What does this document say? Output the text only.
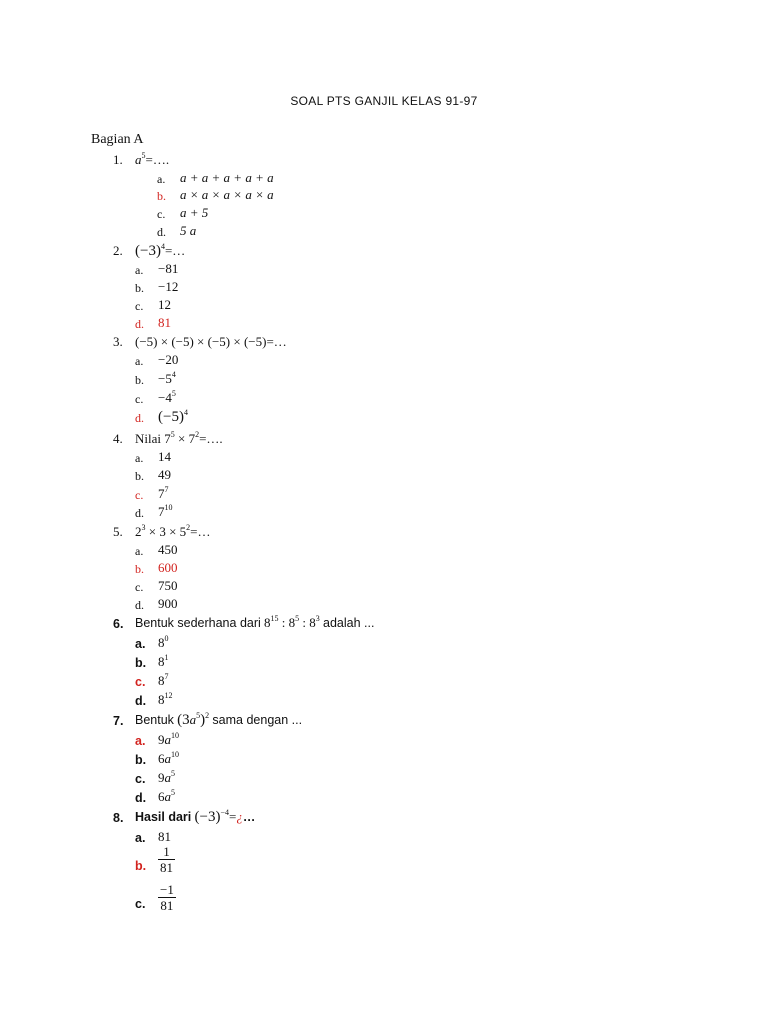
SOAL PTS GANJIL KELAS 91-97
Bagian A
1. $a^5=\dots$.
a. a + a + a + a + a
b. a × a × a × a × a
c. a + 5
d. 5 a
2. $(-3)^4=\dots$
a. −81
b. −12
c. 12
d. 81
3. (−5) × (−5) × (−5) × (−5)=…
a. −20
b. $-5^4$
c. $-4^5$
d. $(-5)^4$
4. Nilai $7^5$ × $7^2=\dots$.
a. 14
b. 49
c. $7^7$
d. $7^{10}$
5. $2^3 \times 3$ × $5^2=\dots$
a. 450
b. 600
c. 750
d. 900
6. Bentuk sederhana dari $8^{15}$ : $8^5$ : $8^3$ adalah ...
a. $8^0$
b. $8^1$
c. $8^7$
d. $8^{12}$
7. Bentuk $(3a^5)^2$ sama dengan ...
a. $9a^{10}$
b. $6a^{10}$
c. $9a^5$
d. $6a^5$
8. Hasil dari $(-3)^{-4}=¿\dots$
a. 81
b. $\frac{1}{81}$
c. $\frac{-1}{81}$
